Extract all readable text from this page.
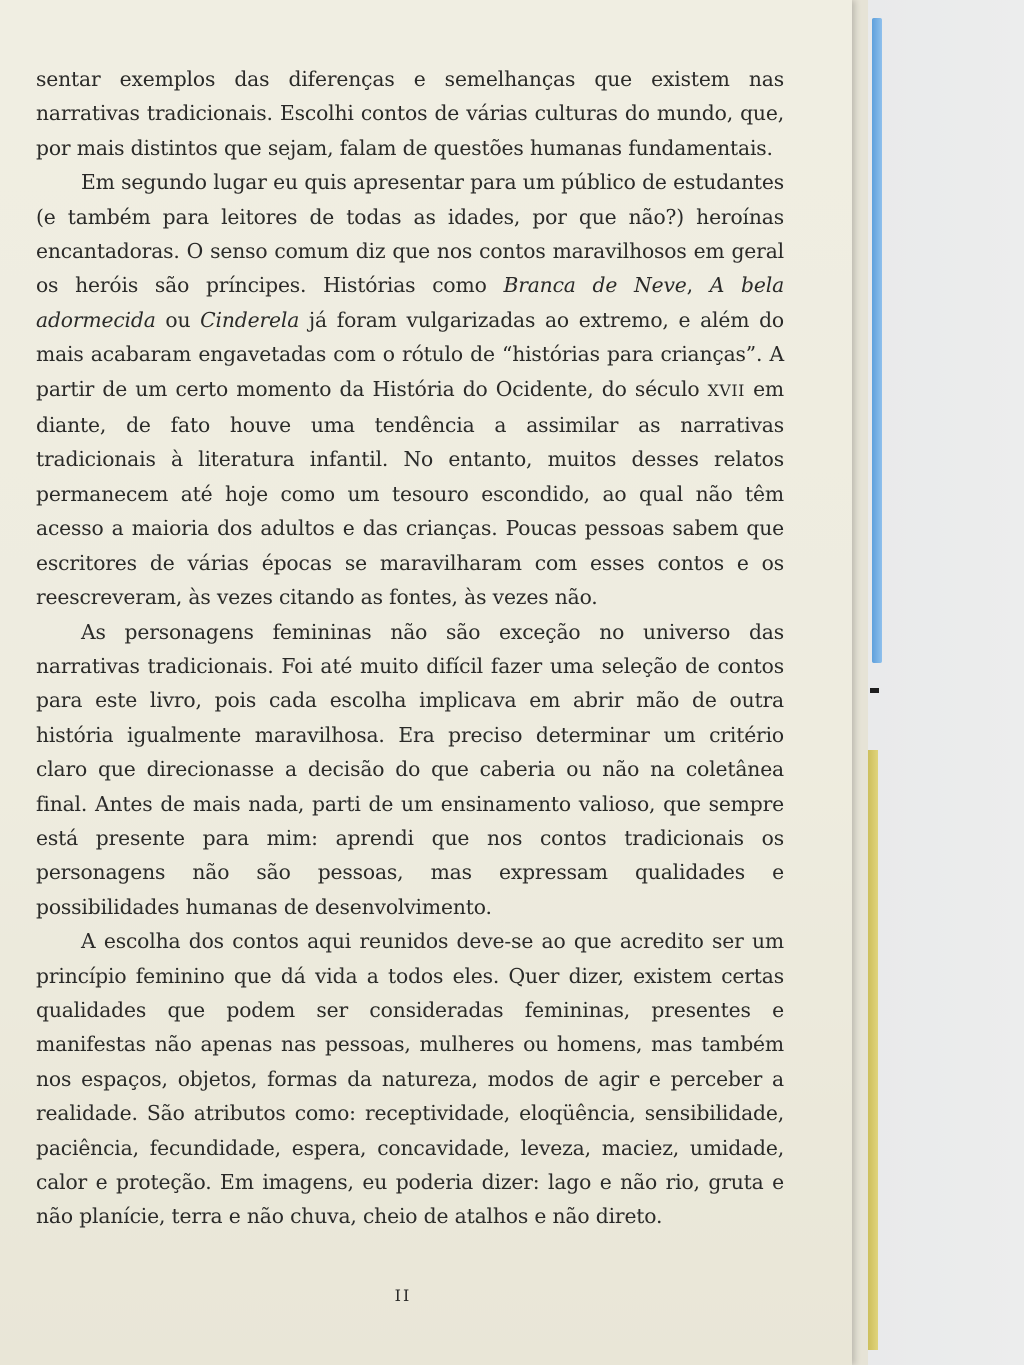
sentar exemplos das diferenças e semelhanças que existem nas narrativas tradicionais. Escolhi contos de várias culturas do mundo, que, por mais distintos que sejam, falam de questões humanas fundamentais.

Em segundo lugar eu quis apresentar para um público de estudantes (e também para leitores de todas as idades, por que não?) heroínas encantadoras. O senso comum diz que nos contos maravilhosos em geral os heróis são príncipes. Histórias como Branca de Neve, A bela adormecida ou Cinderela já foram vulgarizadas ao extremo, e além do mais acabaram engavetadas com o rótulo de “histórias para crianças”. A partir de um certo momento da História do Ocidente, do século XVII em diante, de fato houve uma tendência a assimilar as narrativas tradicionais à literatura infantil. No entanto, muitos desses relatos permanecem até hoje como um tesouro escondido, ao qual não têm acesso a maioria dos adultos e das crianças. Poucas pessoas sabem que escritores de várias épocas se maravilharam com esses contos e os reescreveram, às vezes citando as fontes, às vezes não.

As personagens femininas não são exceção no universo das narrativas tradicionais. Foi até muito difícil fazer uma seleção de contos para este livro, pois cada escolha implicava em abrir mão de outra história igualmente maravilhosa. Era preciso determinar um critério claro que direcionasse a decisão do que caberia ou não na coletânea final. Antes de mais nada, parti de um ensinamento valioso, que sempre está presente para mim: aprendi que nos contos tradicionais os personagens não são pessoas, mas expressam qualidades e possibilidades humanas de desenvolvimento.

A escolha dos contos aqui reunidos deve-se ao que acredito ser um princípio feminino que dá vida a todos eles. Quer dizer, existem certas qualidades que podem ser consideradas femininas, presentes e manifestas não apenas nas pessoas, mulheres ou homens, mas também nos espaços, objetos, formas da natureza, modos de agir e perceber a realidade. São atributos como: receptividade, eloqüência, sensibilidade, paciência, fecundidade, espera, concavidade, leveza, maciez, umidade, calor e proteção. Em imagens, eu poderia dizer: lago e não rio, gruta e não planície, terra e não chuva, cheio de atalhos e não direto.

II
